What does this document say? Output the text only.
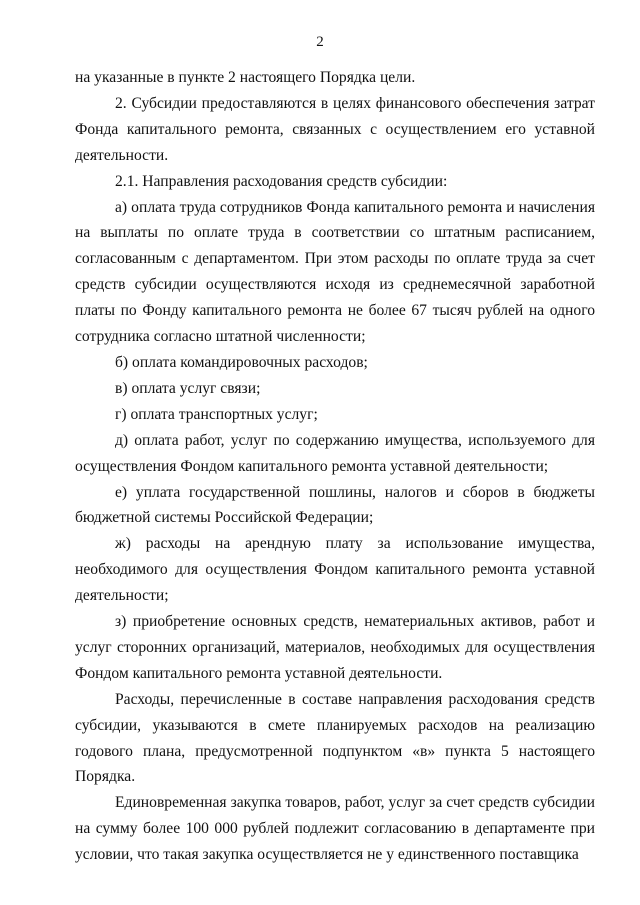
2

на указанные в пункте 2 настоящего Порядка цели.

2. Субсидии предоставляются в целях финансового обеспечения затрат Фонда капитального ремонта, связанных с осуществлением его уставной деятельности.

2.1. Направления расходования средств субсидии:

а) оплата труда сотрудников Фонда капитального ремонта и начисления на выплаты по оплате труда в соответствии со штатным расписанием, согласованным с департаментом. При этом расходы по оплате труда за счет средств субсидии осуществляются исходя из среднемесячной заработной платы по Фонду капитального ремонта не более 67 тысяч рублей на одного сотрудника согласно штатной численности;

б) оплата командировочных расходов;

в) оплата услуг связи;

г) оплата транспортных услуг;

д) оплата работ, услуг по содержанию имущества, используемого для осуществления Фондом капитального ремонта уставной деятельности;

е) уплата государственной пошлины, налогов и сборов в бюджеты бюджетной системы Российской Федерации;

ж) расходы на арендную плату за использование имущества, необходимого для осуществления Фондом капитального ремонта уставной деятельности;

з) приобретение основных средств, нематериальных активов, работ и услуг сторонних организаций, материалов, необходимых для осуществления Фондом капитального ремонта уставной деятельности.

Расходы, перечисленные в составе направления расходования средств субсидии, указываются в смете планируемых расходов на реализацию годового плана, предусмотренной подпунктом «в» пункта 5 настоящего Порядка.

Единовременная закупка товаров, работ, услуг за счет средств субсидии на сумму более 100 000 рублей подлежит согласованию в департаменте при условии, что такая закупка осуществляется не у единственного поставщика
